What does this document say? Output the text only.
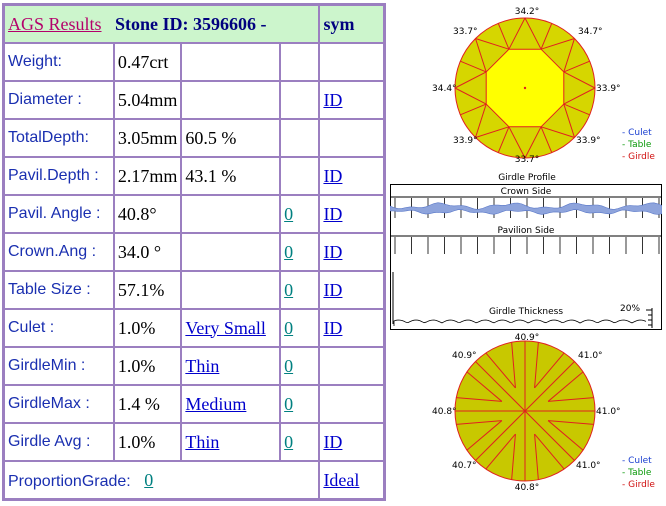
AGS Results Stone ID: 3596606 -				sym
Weight:	0.47crt			
Diameter :	5.04mm			ID
TotalDepth:	3.05mm	60.5 %		
Pavil.Depth :	2.17mm	43.1 %		ID
Pavil. Angle :	40.8°		0	ID
Crown.Ang :	34.0 °		0	ID
Table Size :	57.1%		0	ID
Culet :	1.0%	Very Small	0	ID
GirdleMin :	1.0%	Thin	0	
GirdleMax :	1.4 %	Medium	0	
Girdle Avg :	1.0%	Thin	0	ID
ProportionGrade: 0				Ideal
34.2°
33.7°	34.7°
34.4°	33.9°
33.9°	33.9°
33.7°
Girdle Profile
- Culet
- Table
- Girdle
Crown Side
Pavilion Side
Girdle Thickness	20%
40.9°
40.9°	41.0°
40.8°	41.0°
40.7°	41.0°
40.8°
- Culet
- Table
- Girdle
